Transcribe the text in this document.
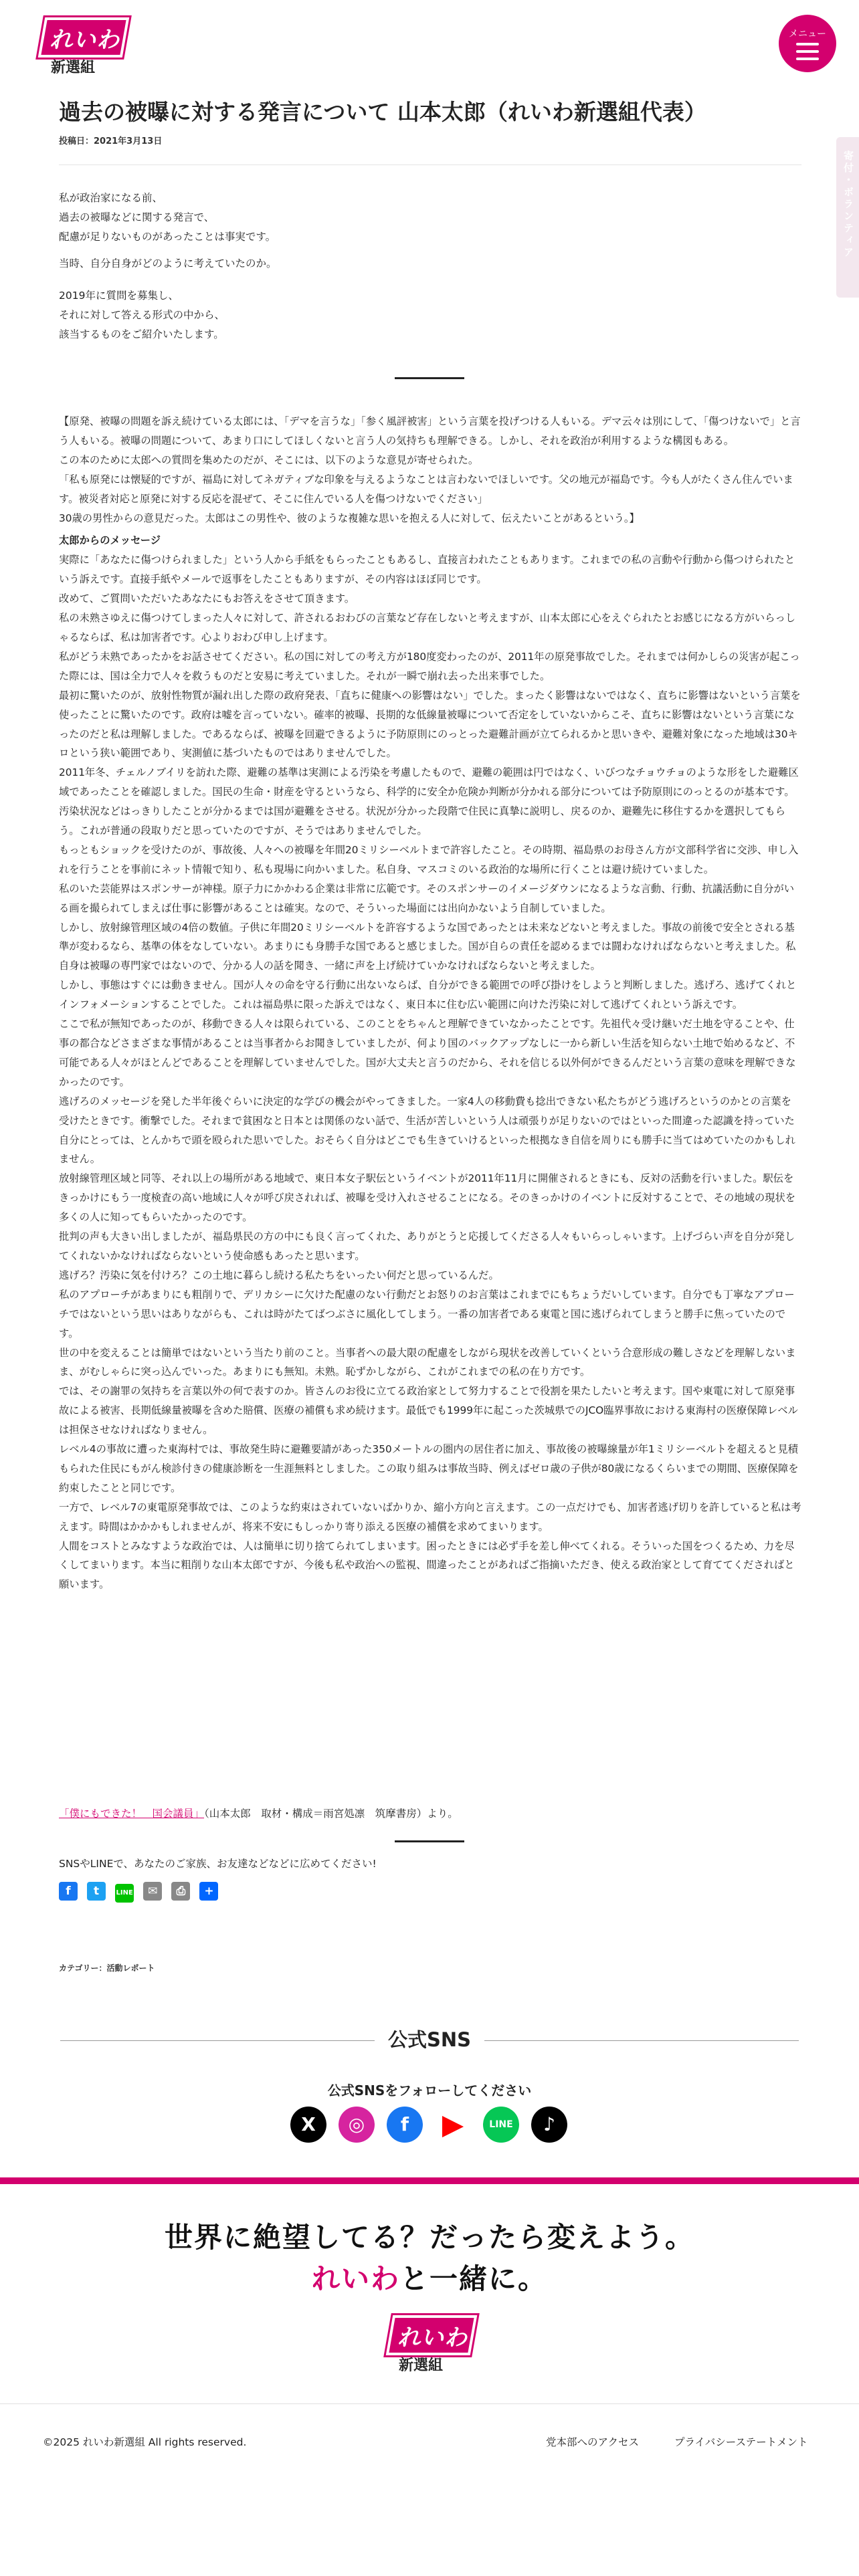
れいわ
新選組
メニュー
寄付・ボランティア
過去の被曝に対する発言について 山本太郎（れいわ新選組代表）
投稿日：2021年3月13日
私が政治家になる前、
過去の被曝などに関する発言で、
配慮が足りないものがあったことは事実です。
当時、自分自身がどのように考えていたのか。
2019年に質問を募集し、
それに対して答える形式の中から、
該当するものをご紹介いたします。

【原発、被曝の問題を訴え続けている太郎には、「デマを言うな」「参く風評被害」という言葉を投げつける人もいる。デマ云々は別にして、「傷つけないで」と言う人もいる。被曝の問題について、あまり口にしてほしくないと言う人の気持ちも理解できる。しかし、それを政治が利用するような構図もある。

この本のために太郎への質問を集めたのだが、そこには、以下のような意見が寄せられた。

「私も原発には懐疑的ですが、福島に対してネガティブな印象を与えるようなことは言わないでほしいです。父の地元が福島です。今も人がたくさん住んでいます。被災者対応と原発に対する反応を混ぜて、そこに住んでいる人を傷つけないでください」

30歳の男性からの意見だった。太郎はこの男性や、彼のような複雑な思いを抱える人に対して、伝えたいことがあるという。】

太郎からのメッセージ

実際に「あなたに傷つけられました」という人から手紙をもらったこともあるし、直接言われたこともあります。これまでの私の言動や行動から傷つけられたという訴えです。直接手紙やメールで返事をしたこともありますが、その内容はほぼ同じです。

改めて、ご質問いただいたあなたにもお答えをさせて頂きます。

私の未熟さゆえに傷つけてしまった人々に対して、許されるおわびの言葉など存在しないと考えますが、山本太郎に心をえぐられたとお感じになる方がいらっしゃるならば、私は加害者です。心よりおわび申し上げます。

私がどう未熟であったかをお話させてください。私の国に対しての考え方が180度変わったのが、2011年の原発事故でした。それまでは何かしらの災害が起こった際には、国は全力で人々を救うものだと安易に考えていました。それが一瞬で崩れ去った出来事でした。

最初に驚いたのが、放射性物質が漏れ出した際の政府発表、「直ちに健康への影響はない」でした。まったく影響はないではなく、直ちに影響はないという言葉を使ったことに驚いたのです。政府は嘘を言っていない。確率的被曝、長期的な低線量被曝について否定をしていないからこそ、直ちに影響はないという言葉になったのだと私は理解しました。であるならば、被曝を回避できるように予防原則にのっとった避難計画が立てられるかと思いきや、避難対象になった地域は30キロという狭い範囲であり、実測値に基づいたものではありませんでした。

2011年冬、チェルノブイリを訪れた際、避難の基準は実測による汚染を考慮したもので、避難の範囲は円ではなく、いびつなチョウチョのような形をした避難区域であったことを確認しました。国民の生命・財産を守るというなら、科学的に安全か危険か判断が分かれる部分については予防原則にのっとるのが基本です。汚染状況などはっきりしたことが分かるまでは国が避難をさせる。状況が分かった段階で住民に真摯に説明し、戻るのか、避難先に移住するかを選択してもらう。これが普通の段取りだと思っていたのですが、そうではありませんでした。

もっともショックを受けたのが、事故後、人々への被曝を年間20ミリシーベルトまで許容したこと。その時期、福島県のお母さん方が文部科学省に交渉、申し入れを行うことを事前にネット情報で知り、私も現場に向かいました。私自身、マスコミのいる政治的な場所に行くことは避け続けていました。

私のいた芸能界はスポンサーが神様。原子力にかかわる企業は非常に広範です。そのスポンサーのイメージダウンになるような言動、行動、抗議活動に自分がいる画を撮られてしまえば仕事に影響があることは確実。なので、そういった場面には出向かないよう自制していました。

しかし、放射線管理区域の4倍の数値。子供に年間20ミリシーベルトを許容するような国であったとは未来などないと考えました。事故の前後で安全とされる基準が変わるなら、基準の体をなしていない。あまりにも身勝手な国であると感じました。国が自らの責任を認めるまでは闘わなければならないと考えました。私自身は被曝の専門家ではないので、分かる人の話を聞き、一緒に声を上げ続けていかなければならないと考えました。

しかし、事態はすぐには動きません。国が人々の命を守る行動に出ないならば、自分ができる範囲での呼び掛けをしようと判断しました。逃げろ、逃げてくれとインフォメーションすることでした。これは福島県に限った訴えではなく、東日本に住む広い範囲に向けた汚染に対して逃げてくれという訴えです。

ここで私が無知であったのが、移動できる人々は限られている、このことをちゃんと理解できていなかったことです。先祖代々受け継いだ土地を守ることや、仕事の都合などさまざまな事情があることは当事者からお聞きしていましたが、何より国のバックアップなしに一から新しい生活を知らない土地で始めるなど、不可能である人々がほとんどであることを理解していませんでした。国が大丈夫と言うのだから、それを信じる以外何ができるんだという言葉の意味を理解できなかったのです。

逃げろのメッセージを発した半年後ぐらいに決定的な学びの機会がやってきました。一家4人の移動費も捻出できない私たちがどう逃げろというのかとの言葉を受けたときです。衝撃でした。それまで貧困なと日本とは関係のない話で、生活が苦しいという人は頑張りが足りないのではといった間違った認識を持っていた自分にとっては、とんかちで頭を殴られた思いでした。おそらく自分はどこでも生きていけるといった根拠なき自信を周りにも勝手に当てはめていたのかもしれません。

放射線管理区域と同等、それ以上の場所がある地域で、東日本女子駅伝というイベントが2011年11月に開催されるときにも、反対の活動を行いました。駅伝をきっかけにもう一度検査の高い地域に人々が呼び戻されれば、被曝を受け入れさせることになる。そのきっかけのイベントに反対することで、その地域の現状を多くの人に知ってもらいたかったのです。

批判の声も大きい出しましたが、福島県民の方の中にも良く言ってくれた、ありがとうと応援してくださる人々もいらっしゃいます。上げづらい声を自分が発してくれないかなければならないという使命感もあったと思います。

逃げろ？汚染に気を付けろ？この土地に暮らし続ける私たちをいったい何だと思っているんだ。

私のアプローチがあまりにも粗削りで、デリカシーに欠けた配慮のない行動だとお怒りのお言葉はこれまでにもちょうだいしています。自分でも丁寧なアプローチではないという思いはありながらも、これは時がたてばつぶさに風化してしまう。一番の加害者である東電と国に逃げられてしまうと勝手に焦っていたのです。

世の中を変えることは簡単ではないという当たり前のこと。当事者への最大限の配慮をしながら現状を改善していくという合意形成の難しさなどを理解しないまま、がむしゃらに突っ込んでいった。あまりにも無知。未熟。恥ずかしながら、これがこれまでの私の在り方です。

では、その謝罪の気持ちを言葉以外の何で表すのか。皆さんのお役に立てる政治家として努力することで役割を果たしたいと考えます。国や東電に対して原発事故による被害、長期低線量被曝を含めた賠償、医療の補償も求め続けます。最低でも1999年に起こった茨城県でのJCO臨界事故における東海村の医療保障レベルは担保させなければなりません。

レベル4の事故に遭った東海村では、事故発生時に避難要請があった350メートルの圏内の居住者に加え、事故後の被曝線量が年1ミリシーベルトを超えると見積もられた住民にもがん検診付きの健康診断を一生涯無料としました。この取り組みは事故当時、例えばゼロ歳の子供が80歳になるくらいまでの期間、医療保障を約束したことと同じです。

一方で、レベル7の東電原発事故では、このような約束はされていないばかりか、縮小方向と言えます。この一点だけでも、加害者逃げ切りを許していると私は考えます。時間はかかかもしれませんが、将来不安にもしっかり寄り添える医療の補償を求めてまいります。

人間をコストとみなすような政治では、人は簡単に切り捨てられてしまいます。困ったときには必ず手を差し伸べてくれる。そういった国をつくるため、力を尽くしてまいります。本当に粗削りな山本太郎ですが、今後も私や政治への監視、間違ったことがあればご指摘いただき、使える政治家として育ててくださればと願います。

「僕にもできた！　国会議員」（山本太郎　取材・構成＝雨宮処凛　筑摩書房）より。
SNSやLINEで、あなたのご家族、お友達などなどに広めてください!
f t	LINE ✉ ⎙ +
カテゴリー：活動レポート
公式SNS
公式SNSをフォローしてください
X	◎	f	▶	LINE	♪
世界に絶望してる？だったら変えよう。
れいわと一緒に。
れいわ
新選組
©2025 れいわ新選組 All rights reserved.	党本部へのアクセス	プライバシーステートメント
